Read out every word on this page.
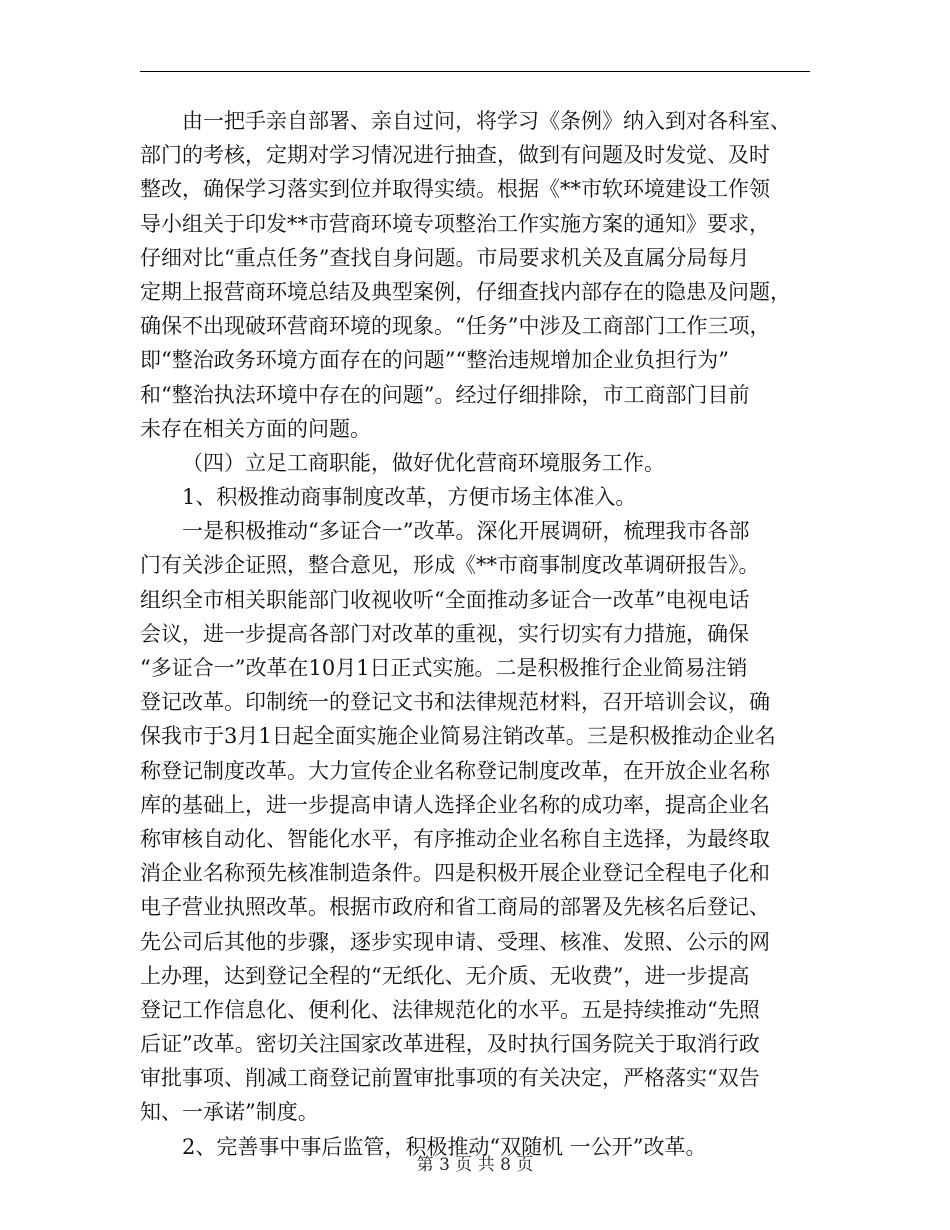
由一把手亲自部署、亲自过问，将学习《条例》纳入到对各科室、
部门的考核，定期对学习情况进行抽查，做到有问题及时发觉、及时
整改，确保学习落实到位并取得实绩。根据《**市软环境建设工作领
导小组关于印发**市营商环境专项整治工作实施方案的通知》要求，
仔细对比“重点任务”查找自身问题。市局要求机关及直属分局每月
定期上报营商环境总结及典型案例，仔细查找内部存在的隐患及问题，
确保不出现破环营商环境的现象。“任务”中涉及工商部门工作三项，
即“整治政务环境方面存在的问题”“整治违规增加企业负担行为”
和“整治执法环境中存在的问题”。经过仔细排除，市工商部门目前
未存在相关方面的问题。
（四）立足工商职能，做好优化营商环境服务工作。
1、积极推动商事制度改革，方便市场主体准入。
一是积极推动“多证合一”改革。深化开展调研，梳理我市各部
门有关涉企证照，整合意见，形成《**市商事制度改革调研报告》。
组织全市相关职能部门收视收听“全面推动多证合一改革”电视电话
会议，进一步提高各部门对改革的重视，实行切实有力措施，确保
“多证合一”改革在10月1日正式实施。二是积极推行企业简易注销
登记改革。印制统一的登记文书和法律规范材料，召开培训会议，确
保我市于3月1日起全面实施企业简易注销改革。三是积极推动企业名
称登记制度改革。大力宣传企业名称登记制度改革，在开放企业名称
库的基础上，进一步提高申请人选择企业名称的成功率，提高企业名
称审核自动化、智能化水平，有序推动企业名称自主选择，为最终取
消企业名称预先核准制造条件。四是积极开展企业登记全程电子化和
电子营业执照改革。根据市政府和省工商局的部署及先核名后登记、
先公司后其他的步骤，逐步实现申请、受理、核准、发照、公示的网
上办理，达到登记全程的“无纸化、无介质、无收费”，进一步提高
登记工作信息化、便利化、法律规范化的水平。五是持续推动“先照
后证”改革。密切关注国家改革进程，及时执行国务院关于取消行政
审批事项、削减工商登记前置审批事项的有关决定，严格落实“双告
知、一承诺”制度。
2、完善事中事后监管，积极推动“双随机 一公开”改革。
第 3 页 共 8 页
